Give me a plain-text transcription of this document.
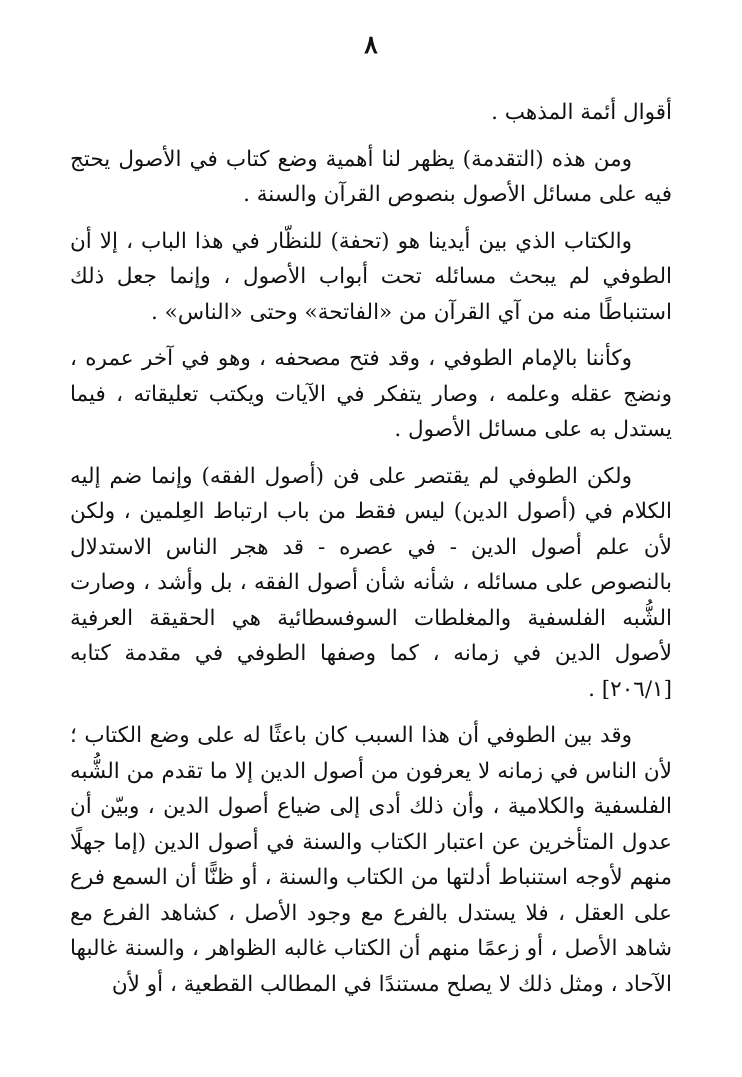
٨

أقوال أئمة المذهب .

ومن هذه (التقدمة) يظهر لنا أهمية وضع كتاب في الأصول يحتج فيه على مسائل الأصول بنصوص القرآن والسنة .

والكتاب الذي بين أيدينا هو (تحفة) للنظّار في هذا الباب ، إلا أن الطوفي لم يبحث مسائله تحت أبواب الأصول ، وإنما جعل ذلك استنباطًا منه من آي القرآن من «الفاتحة» وحتى «الناس» .

وكأننا بالإمام الطوفي ، وقد فتح مصحفه ، وهو في آخر عمره ، ونضج عقله وعلمه ، وصار يتفكر في الآيات ويكتب تعليقاته ، فيما يستدل به على مسائل الأصول .

ولكن الطوفي لم يقتصر على فن (أصول الفقه) وإنما ضم إليه الكلام في (أصول الدين) ليس فقط من باب ارتباط العِلمين ، ولكن لأن علم أصول الدين - في عصره - قد هجر الناس الاستدلال بالنصوص على مسائله ، شأنه شأن أصول الفقه ، بل وأشد ، وصارت الشُّبه الفلسفية والمغلطات السوفسطائية هي الحقيقة العرفية لأصول الدين في زمانه ، كما وصفها الطوفي في مقدمة كتابه [٢٠٦/١] .

وقد بين الطوفي أن هذا السبب كان باعثًا له على وضع الكتاب ؛ لأن الناس في زمانه لا يعرفون من أصول الدين إلا ما تقدم من الشُّبه الفلسفية والكلامية ، وأن ذلك أدى إلى ضياع أصول الدين ، وبيّن أن عدول المتأخرين عن اعتبار الكتاب والسنة في أصول الدين (إما جهلًا منهم لأوجه استنباط أدلتها من الكتاب والسنة ، أو ظنًّا أن السمع فرع على العقل ، فلا يستدل بالفرع مع وجود الأصل ، كشاهد الفرع مع شاهد الأصل ، أو زعمًا منهم أن الكتاب غالبه الظواهر ، والسنة غالبها الآحاد ، ومثل ذلك لا يصلح مستندًا في المطالب القطعية ، أو لأن
